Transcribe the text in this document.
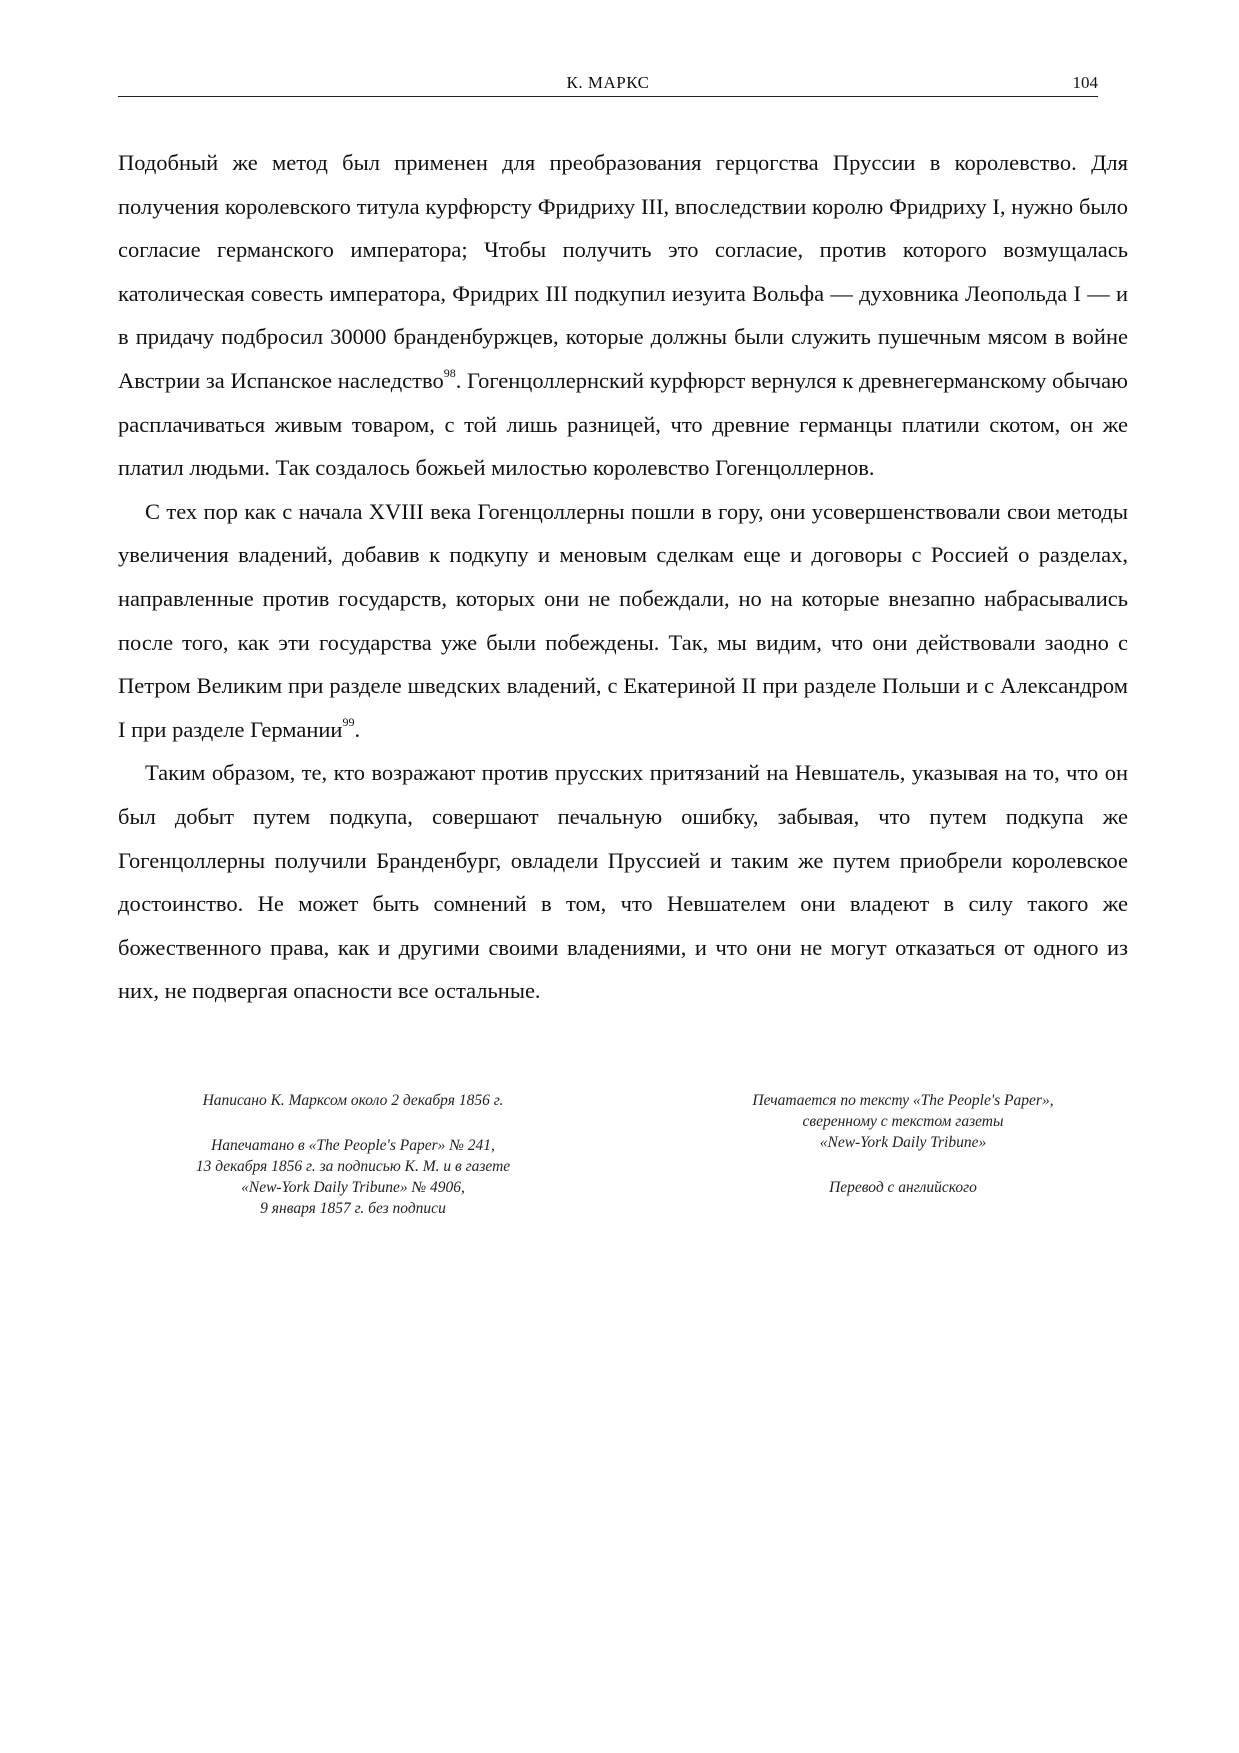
К. МАРКС	104

Подобный же метод был применен для преобразования герцогства Пруссии в королевство. Для получения королевского титула курфюрсту Фридриху III, впоследствии королю Фридриху I, нужно было согласие германского императора; Чтобы получить это согласие, против которого возмущалась католическая совесть императора, Фридрих III подкупил иезуита Вольфа — духовника Леопольда I — и в придачу подбросил 30000 бранденбуржцев, которые должны были служить пушечным мясом в войне Австрии за Испанское наследство$^{98}$. Гогенцоллернский курфюрст вернулся к древнегерманскому обычаю расплачиваться живым товаром, с той лишь разницей, что древние германцы платили скотом, он же платил людьми. Так создалось божьей милостью королевство Гогенцоллернов.

С тех пор как с начала XVIII века Гогенцоллерны пошли в гору, они усовершенствовали свои методы увеличения владений, добавив к подкупу и меновым сделкам еще и договоры с Россией о разделах, направленные против государств, которых они не побеждали, но на которые внезапно набрасывались после того, как эти государства уже были побеждены. Так, мы видим, что они действовали заодно с Петром Великим при разделе шведских владений, с Екатериной II при разделе Польши и с Александром I при разделе Германии$^{99}$.

Таким образом, те, кто возражают против прусских притязаний на Невшатель, указывая на то, что он был добыт путем подкупа, совершают печальную ошибку, забывая, что путем подкупа же Гогенцоллерны получили Бранденбург, овладели Пруссией и таким же путем приобрели королевское достоинство. Не может быть сомнений в том, что Невшателем они владеют в силу такого же божественного права, как и другими своими владениями, и что они не могут отказаться от одного из них, не подвергая опасности все остальные.

Написано К. Марксом около 2 декабря 1856 г.
Напечатано в «The People's Paper» № 241,
13 декабря 1856 г. за подписью К. М. и в газете
«New-York Daily Tribune» № 4906,
9 января 1857 г. без подписи
Печатается по тексту «The People's Paper»,
сверенному с текстом газеты
«New-York Daily Tribune»
Перевод с английского
